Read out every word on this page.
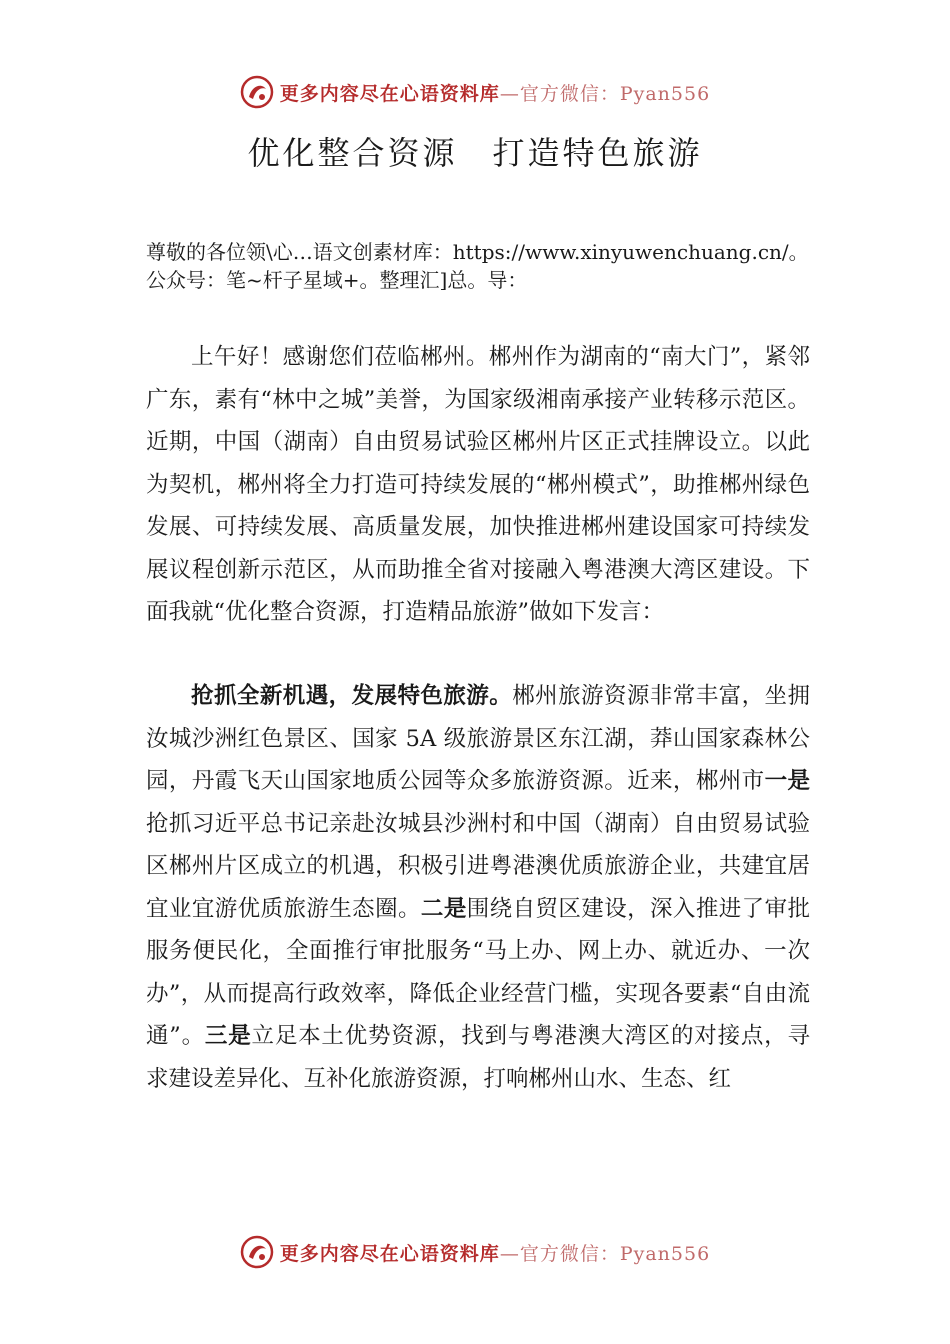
更多内容尽在心语资料库—官方微信：Pyan556
优化整合资源　打造特色旅游

尊敬的各位领\心…语文创素材库：https://www.xinyuwenchuang.cn/。公众号：笔~杆子星域+。整理汇]总。导：

上午好！感谢您们莅临郴州。郴州作为湖南的“南大门”，紧邻广东，素有“林中之城”美誉，为国家级湘南承接产业转移示范区。近期，中国（湖南）自由贸易试验区郴州片区正式挂牌设立。以此为契机，郴州将全力打造可持续发展的“郴州模式”，助推郴州绿色发展、可持续发展、高质量发展，加快推进郴州建设国家可持续发展议程创新示范区，从而助推全省对接融入粤港澳大湾区建设。下面我就“优化整合资源，打造精品旅游”做如下发言：

抢抓全新机遇，发展特色旅游。郴州旅游资源非常丰富，坐拥汝城沙洲红色景区、国家 5A 级旅游景区东江湖，莽山国家森林公园，丹霞飞天山国家地质公园等众多旅游资源。近来，郴州市一是抢抓习近平总书记亲赴汝城县沙洲村和中国（湖南）自由贸易试验区郴州片区成立的机遇，积极引进粤港澳优质旅游企业，共建宜居宜业宜游优质旅游生态圈。二是围绕自贸区建设，深入推进了审批服务便民化，全面推行审批服务“马上办、网上办、就近办、一次办”，从而提高行政效率，降低企业经营门槛，实现各要素“自由流通”。三是立足本土优势资源，找到与粤港澳大湾区的对接点，寻求建设差异化、互补化旅游资源，打响郴州山水、生态、红

更多内容尽在心语资料库—官方微信：Pyan556
